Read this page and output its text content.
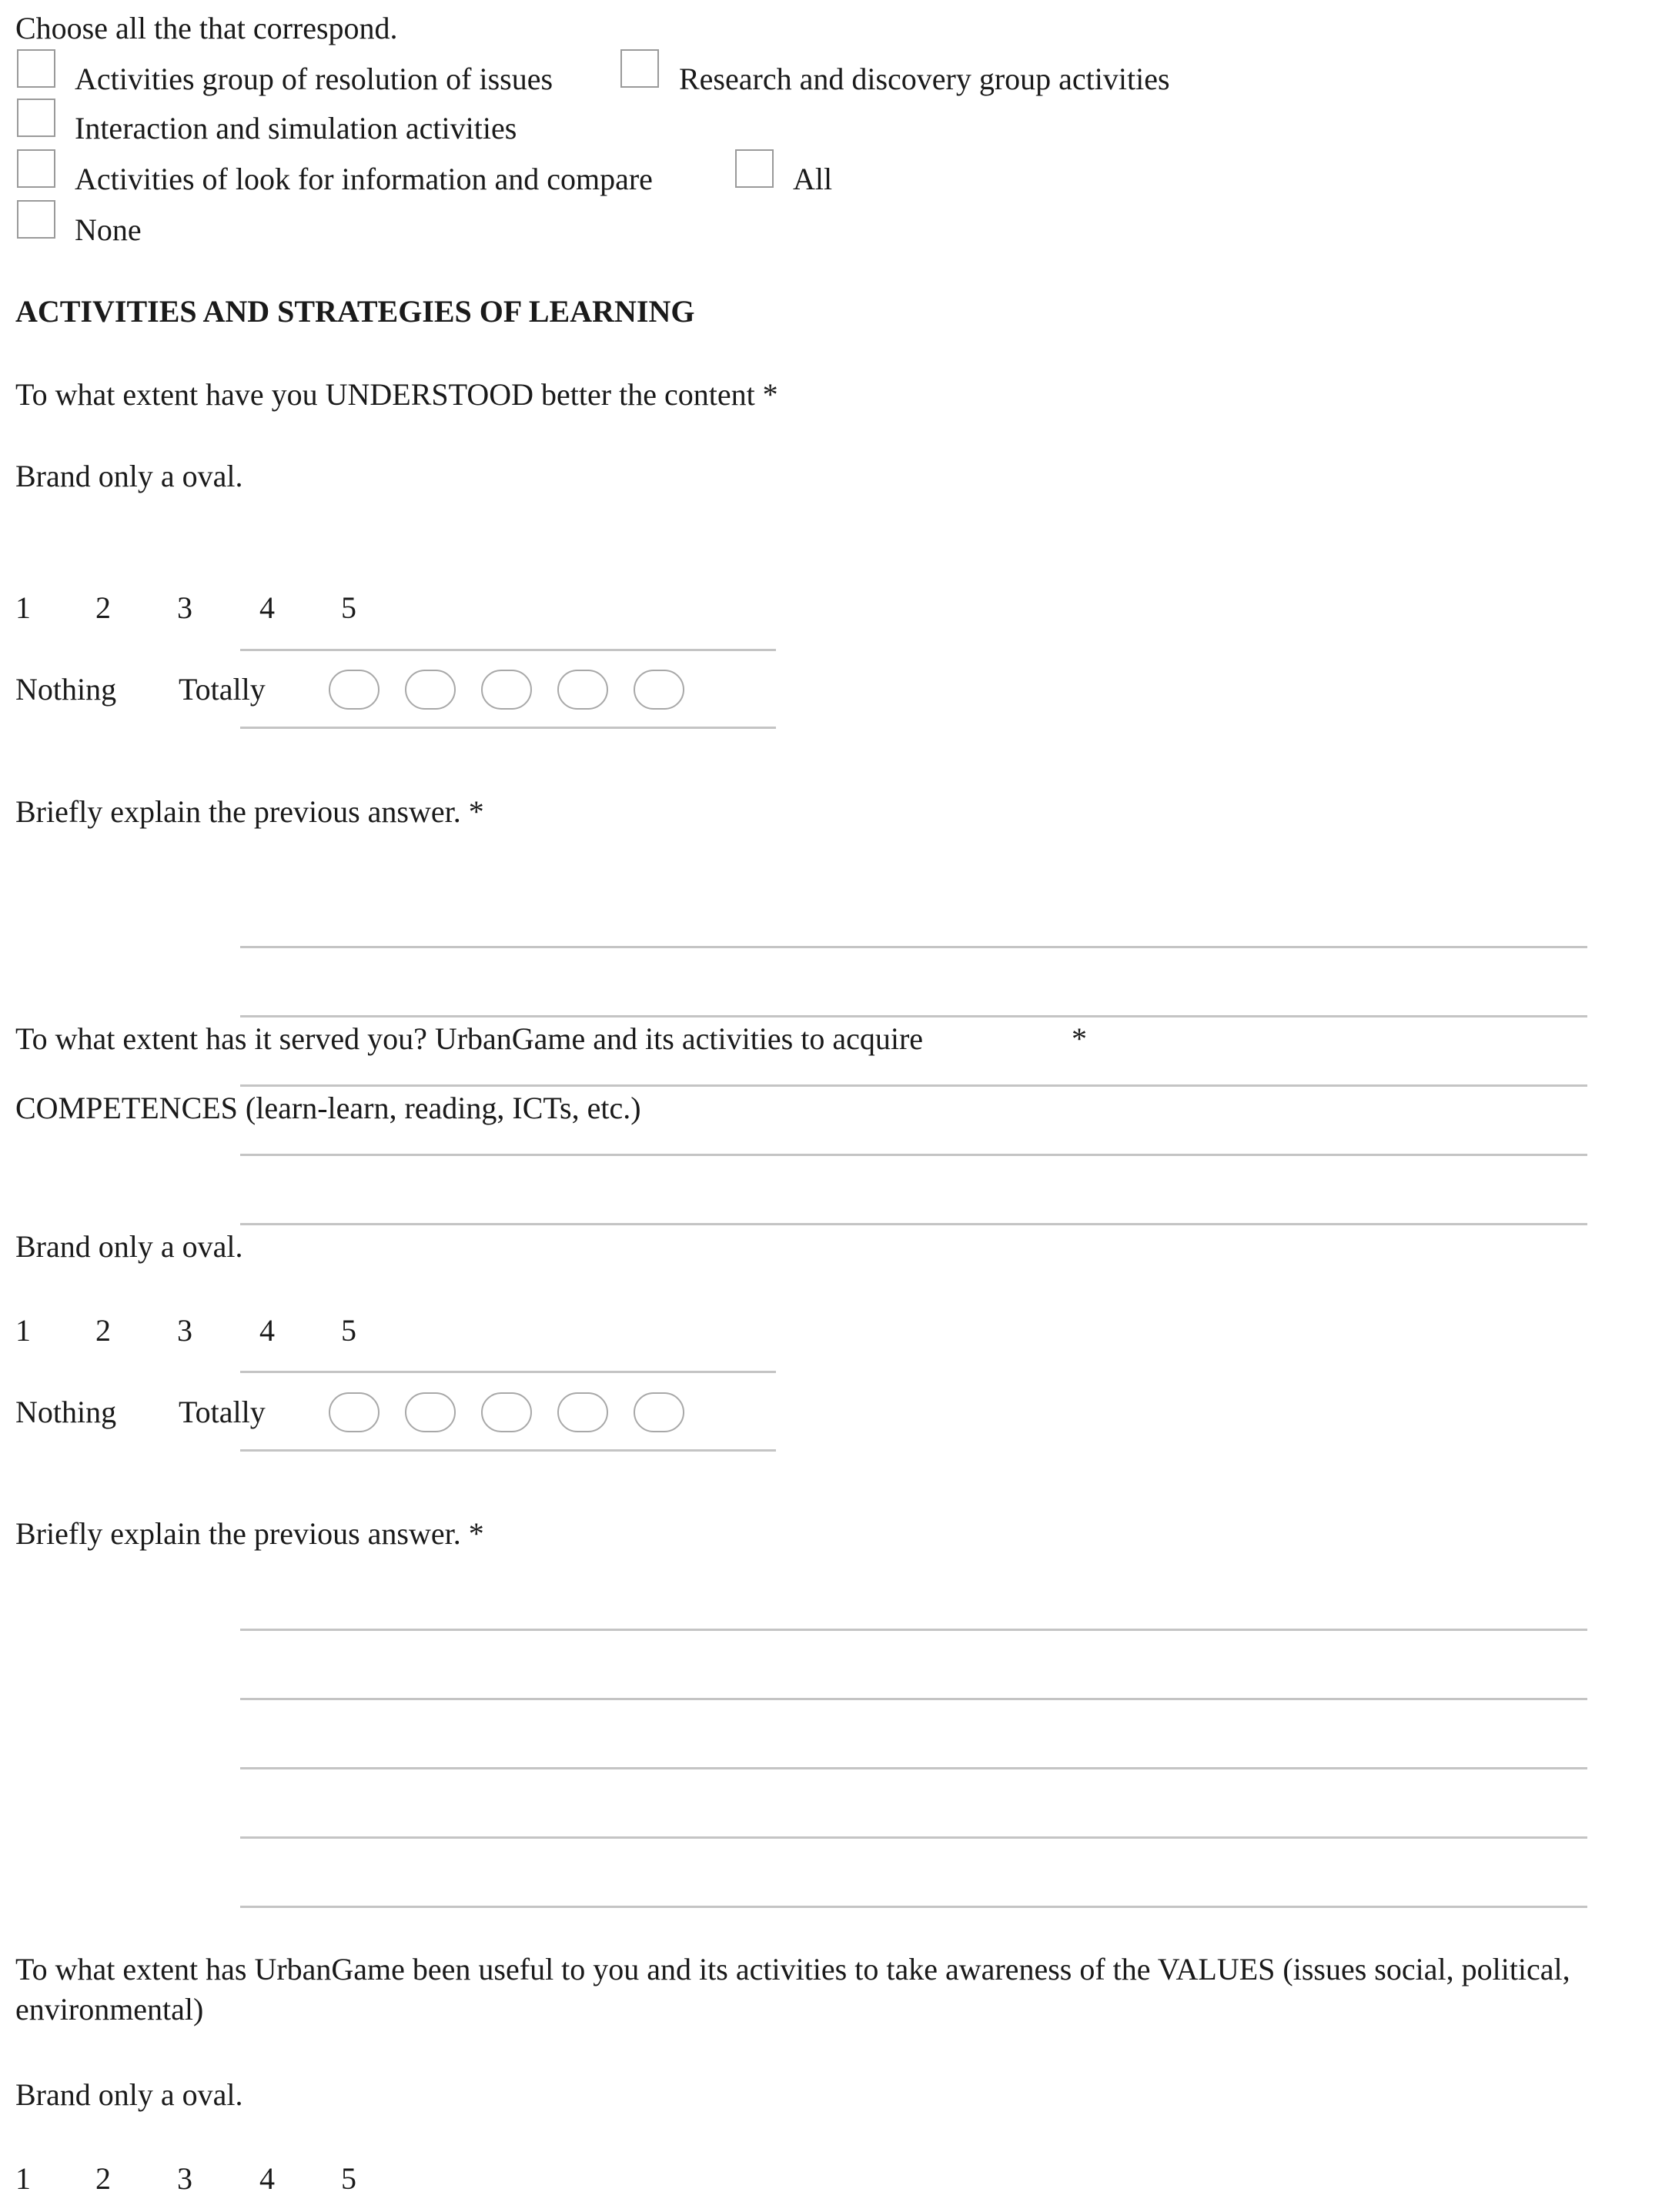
Choose all the that correspond.
Activities group of resolution of issues	Research and discovery group activities
Interaction and simulation activities
Activities of look for information and compare	All
None
ACTIVITIES AND STRATEGIES OF LEARNING
To what extent have you UNDERSTOOD better the content *
Brand only a oval.
1 2 3 4 5
Nothing Totally
Briefly explain the previous answer. *
To what extent has it served you? UrbanGame and its activities to acquire	*
COMPETENCES (learn-learn, reading, ICTs, etc.)
Brand only a oval.
1 2 3 4 5
Nothing Totally
Briefly explain the previous answer. *
To what extent has UrbanGame been useful to you and its activities to take awareness of the VALUES (issues social, political, environmental)
Brand only a oval.
1 2 3 4 5
